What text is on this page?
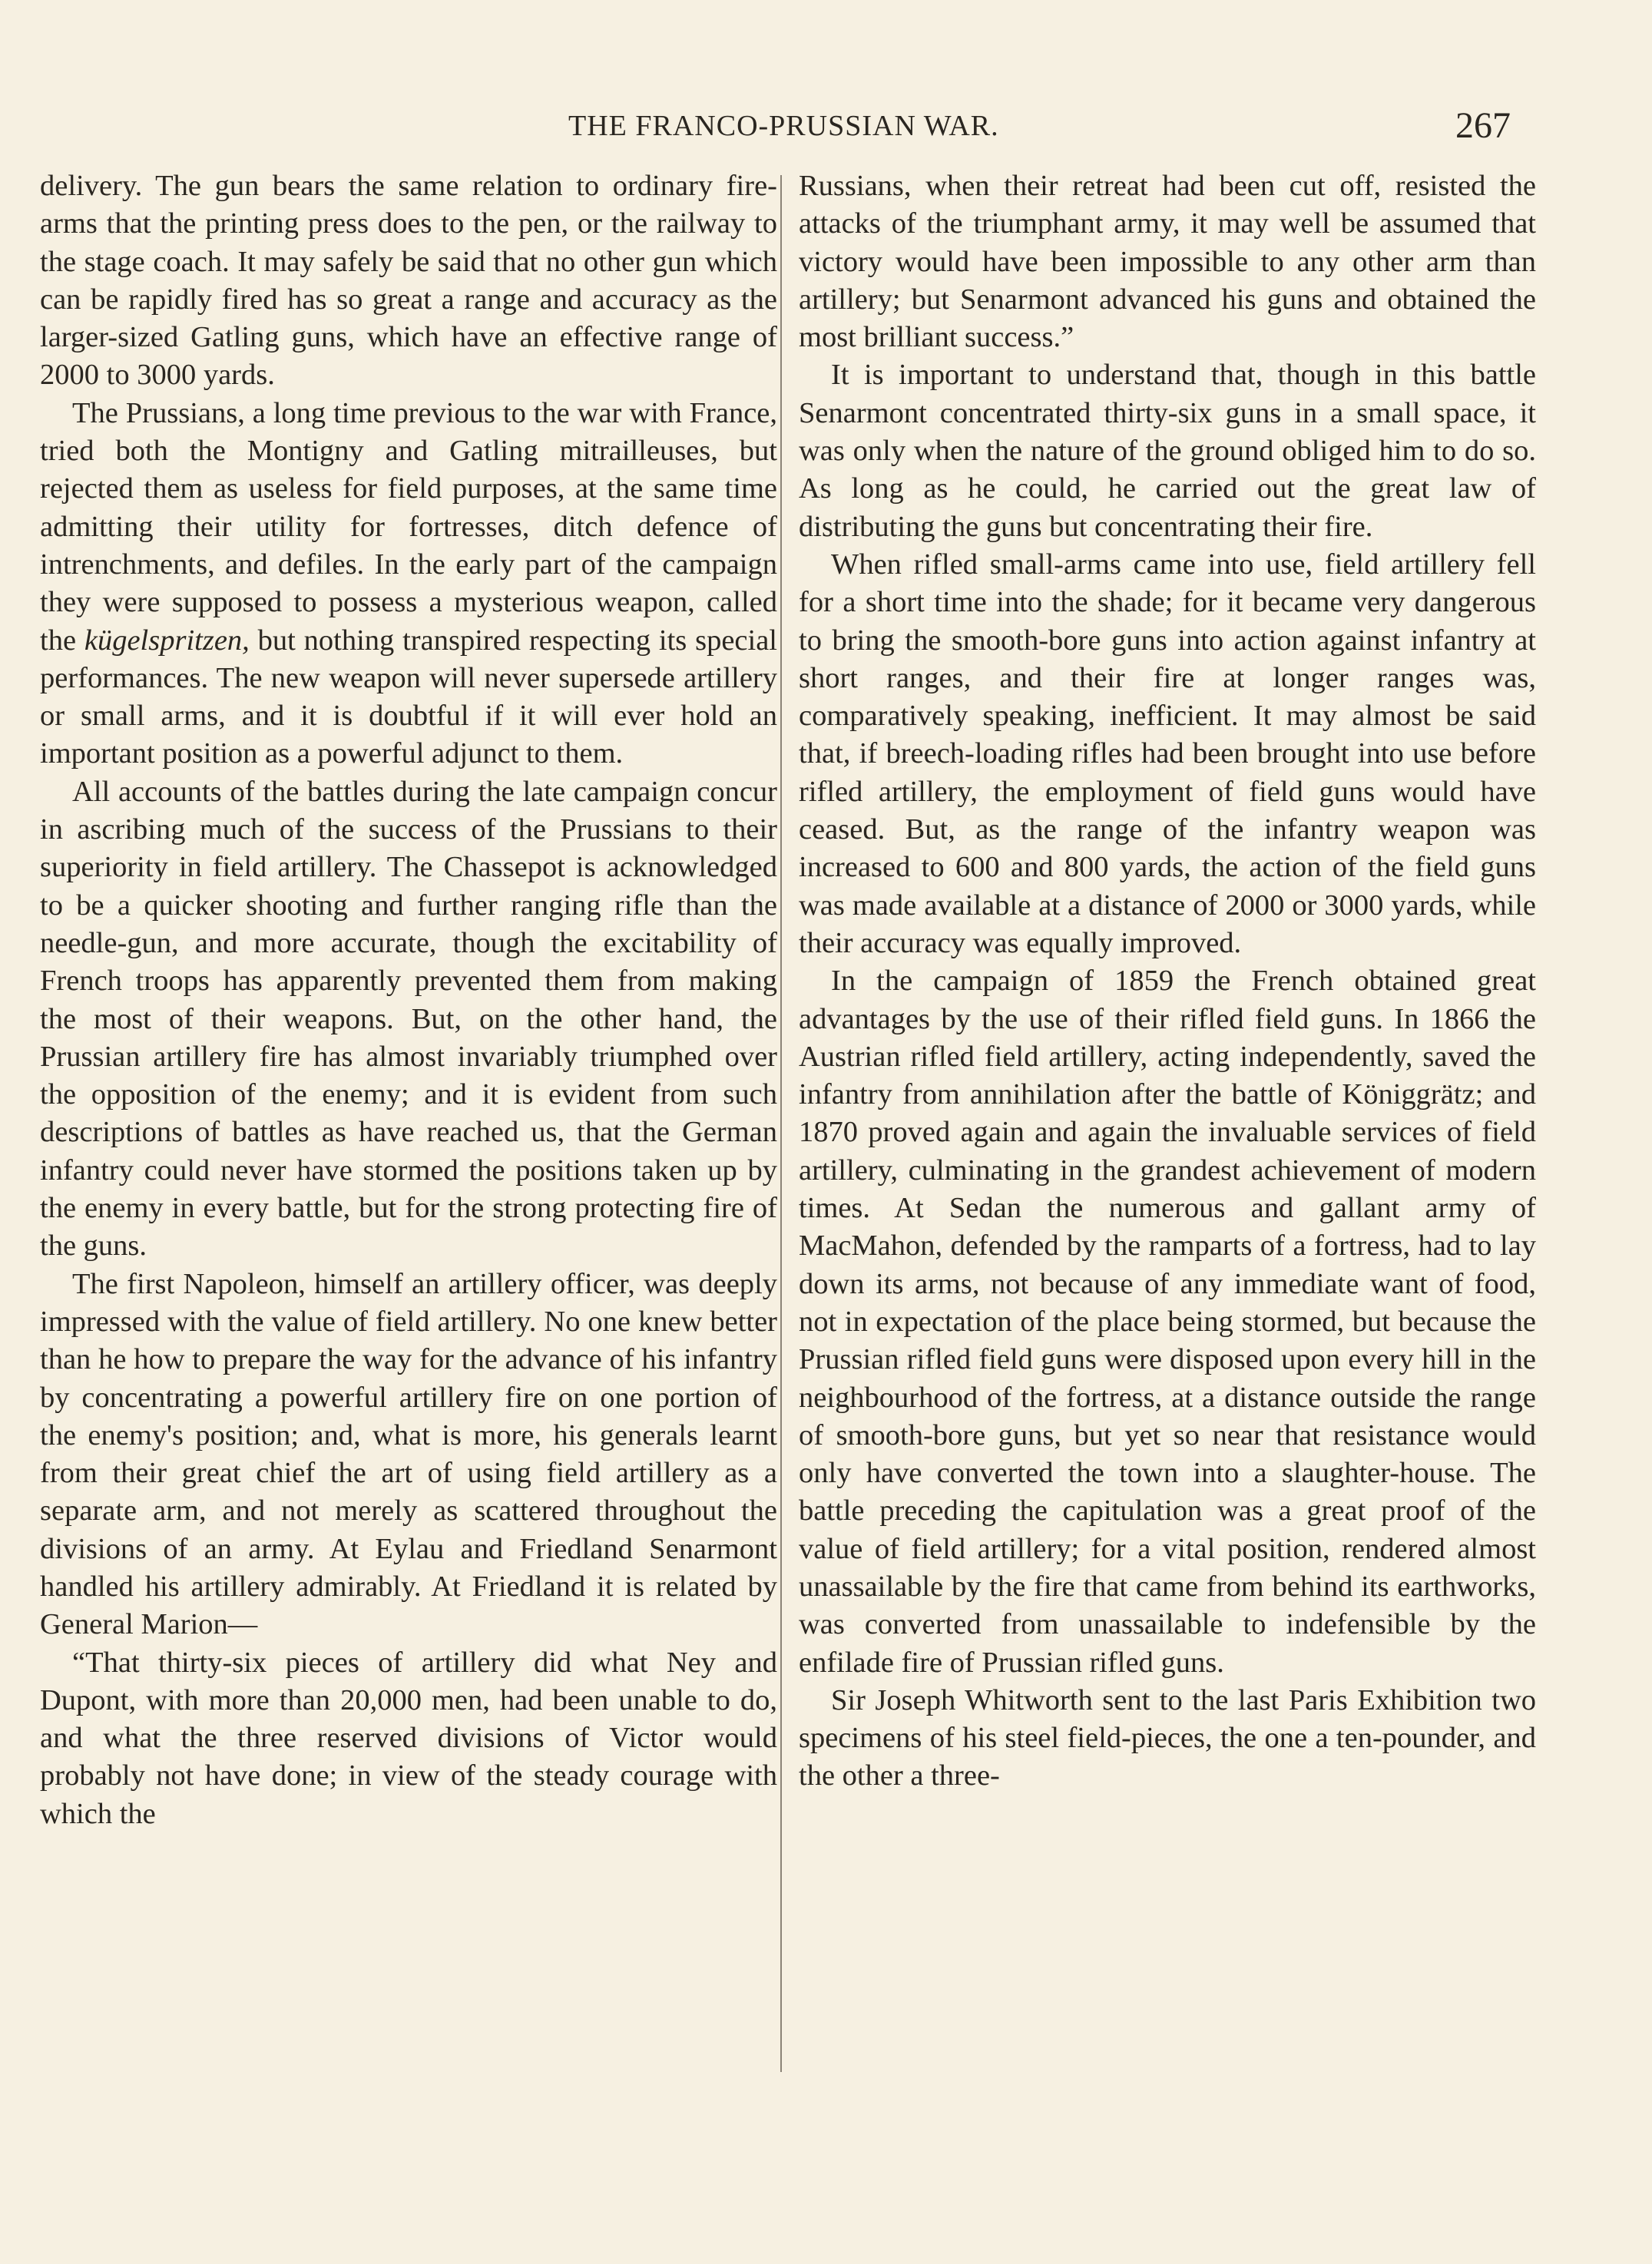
THE FRANCO-PRUSSIAN WAR.	267

delivery. The gun bears the same relation to ordinary fire-arms that the printing press does to the pen, or the railway to the stage coach. It may safely be said that no other gun which can be rapidly fired has so great a range and accuracy as the larger-sized Gatling guns, which have an effective range of 2000 to 3000 yards.

The Prussians, a long time previous to the war with France, tried both the Montigny and Gatling mitrailleuses, but rejected them as useless for field purposes, at the same time admitting their utility for fortresses, ditch defence of intrenchments, and defiles. In the early part of the campaign they were supposed to possess a mysterious weapon, called the kügelspritzen, but nothing transpired respecting its special performances. The new weapon will never supersede artillery or small arms, and it is doubtful if it will ever hold an important position as a powerful adjunct to them.

All accounts of the battles during the late campaign concur in ascribing much of the success of the Prussians to their superiority in field artillery. The Chassepot is acknowledged to be a quicker shooting and further ranging rifle than the needle-gun, and more accurate, though the excitability of French troops has apparently prevented them from making the most of their weapons. But, on the other hand, the Prussian artillery fire has almost invariably triumphed over the opposition of the enemy; and it is evident from such descriptions of battles as have reached us, that the German infantry could never have stormed the positions taken up by the enemy in every battle, but for the strong protecting fire of the guns.

The first Napoleon, himself an artillery officer, was deeply impressed with the value of field artillery. No one knew better than he how to prepare the way for the advance of his infantry by concentrating a powerful artillery fire on one portion of the enemy's position; and, what is more, his generals learnt from their great chief the art of using field artillery as a separate arm, and not merely as scattered throughout the divisions of an army. At Eylau and Friedland Senarmont handled his artillery admirably. At Friedland it is related by General Marion—

“That thirty-six pieces of artillery did what Ney and Dupont, with more than 20,000 men, had been unable to do, and what the three reserved divisions of Victor would probably not have done; in view of the steady courage with which the

Russians, when their retreat had been cut off, resisted the attacks of the triumphant army, it may well be assumed that victory would have been impossible to any other arm than artillery; but Senarmont advanced his guns and obtained the most brilliant success.”

It is important to understand that, though in this battle Senarmont concentrated thirty-six guns in a small space, it was only when the nature of the ground obliged him to do so. As long as he could, he carried out the great law of distributing the guns but concentrating their fire.

When rifled small-arms came into use, field artillery fell for a short time into the shade; for it became very dangerous to bring the smooth-bore guns into action against infantry at short ranges, and their fire at longer ranges was, comparatively speaking, inefficient. It may almost be said that, if breech-loading rifles had been brought into use before rifled artillery, the employment of field guns would have ceased. But, as the range of the infantry weapon was increased to 600 and 800 yards, the action of the field guns was made available at a distance of 2000 or 3000 yards, while their accuracy was equally improved.

In the campaign of 1859 the French obtained great advantages by the use of their rifled field guns. In 1866 the Austrian rifled field artillery, acting independently, saved the infantry from annihilation after the battle of Königgrätz; and 1870 proved again and again the invaluable services of field artillery, culminating in the grandest achievement of modern times. At Sedan the numerous and gallant army of MacMahon, defended by the ramparts of a fortress, had to lay down its arms, not because of any immediate want of food, not in expectation of the place being stormed, but because the Prussian rifled field guns were disposed upon every hill in the neighbourhood of the fortress, at a distance outside the range of smooth-bore guns, but yet so near that resistance would only have converted the town into a slaughter-house. The battle preceding the capitulation was a great proof of the value of field artillery; for a vital position, rendered almost unassailable by the fire that came from behind its earthworks, was converted from unassailable to indefensible by the enfilade fire of Prussian rifled guns.

Sir Joseph Whitworth sent to the last Paris Exhibition two specimens of his steel field-pieces, the one a ten-pounder, and the other a three-
